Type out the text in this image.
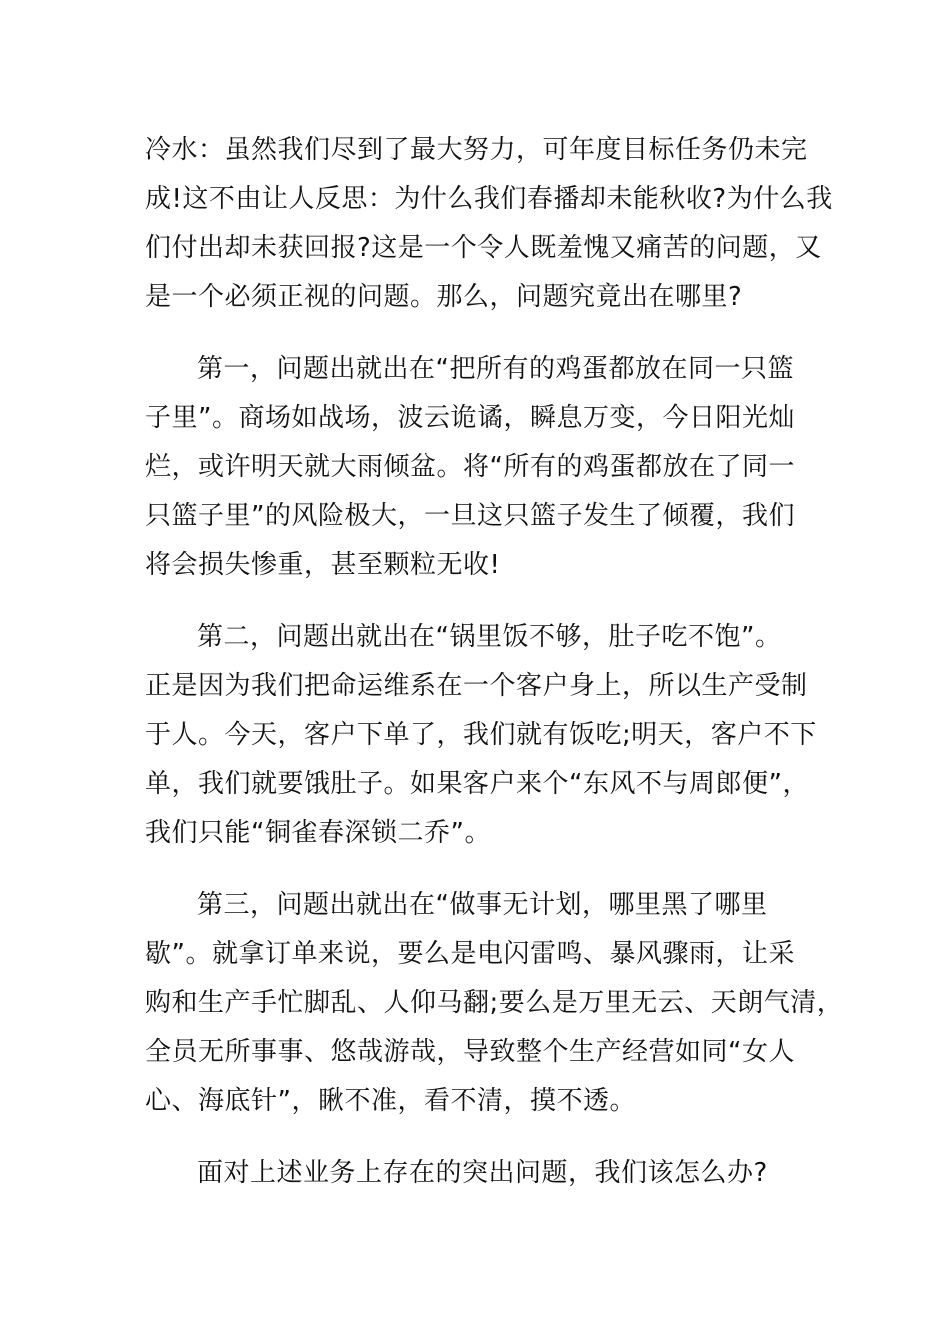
冷水：虽然我们尽到了最大努力，可年度目标任务仍未完
成!这不由让人反思：为什么我们春播却未能秋收?为什么我
们付出却未获回报?这是一个令人既羞愧又痛苦的问题，又
是一个必须正视的问题。那么，问题究竟出在哪里?
第一，问题出就出在“把所有的鸡蛋都放在同一只篮
子里”。商场如战场，波云诡谲，瞬息万变，今日阳光灿
烂，或许明天就大雨倾盆。将“所有的鸡蛋都放在了同一
只篮子里”的风险极大，一旦这只篮子发生了倾覆，我们
将会损失惨重，甚至颗粒无收!
第二，问题出就出在“锅里饭不够，肚子吃不饱”。
正是因为我们把命运维系在一个客户身上，所以生产受制
于人。今天，客户下单了，我们就有饭吃;明天，客户不下
单，我们就要饿肚子。如果客户来个“东风不与周郎便”，
我们只能“铜雀春深锁二乔”。
第三，问题出就出在“做事无计划，哪里黑了哪里
歇”。就拿订单来说，要么是电闪雷鸣、暴风骤雨，让采
购和生产手忙脚乱、人仰马翻;要么是万里无云、天朗气清，
全员无所事事、悠哉游哉，导致整个生产经营如同“女人
心、海底针”，瞅不准，看不清，摸不透。
面对上述业务上存在的突出问题，我们该怎么办?
